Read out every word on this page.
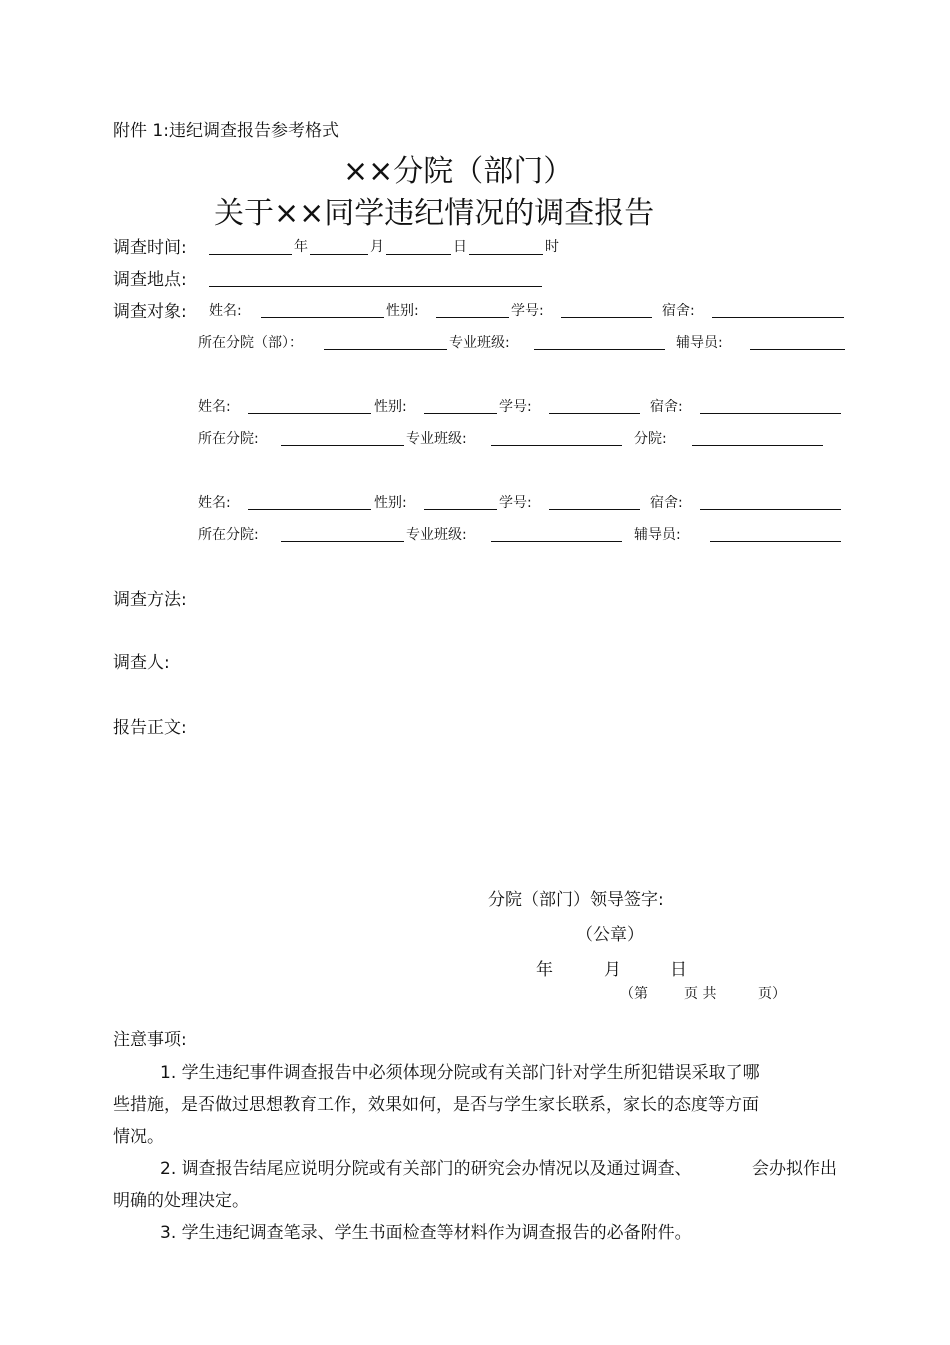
附件 1:违纪调查报告参考格式
××分院（部门）
关于××同学违纪情况的调查报告
调查时间:	年	月	日	时
调查地点:
调查对象: 姓名:	性别:	学号:	宿舍:
所在分院（部）：	专业班级:	辅导员:
姓名:	性别:	学号:	宿舍:
所在分院:	专业班级:	分院:
姓名:	性别:	学号:	宿舍:
所在分院:	专业班级:	辅导员:
调查方法:
调查人:
报告正文:
分院（部门）领导签字:
（公章）
年	月	日
（第	页 共	页）
注意事项:
1. 学生违纪事件调查报告中必须体现分院或有关部门针对学生所犯错误采取了哪
些措施，是否做过思想教育工作，效果如何，是否与学生家长联系，家长的态度等方面
情况。
2. 调查报告结尾应说明分院或有关部门的研究会办情况以及通过调查、	会办拟作出
明确的处理决定。
3. 学生违纪调查笔录、学生书面检查等材料作为调查报告的必备附件。
